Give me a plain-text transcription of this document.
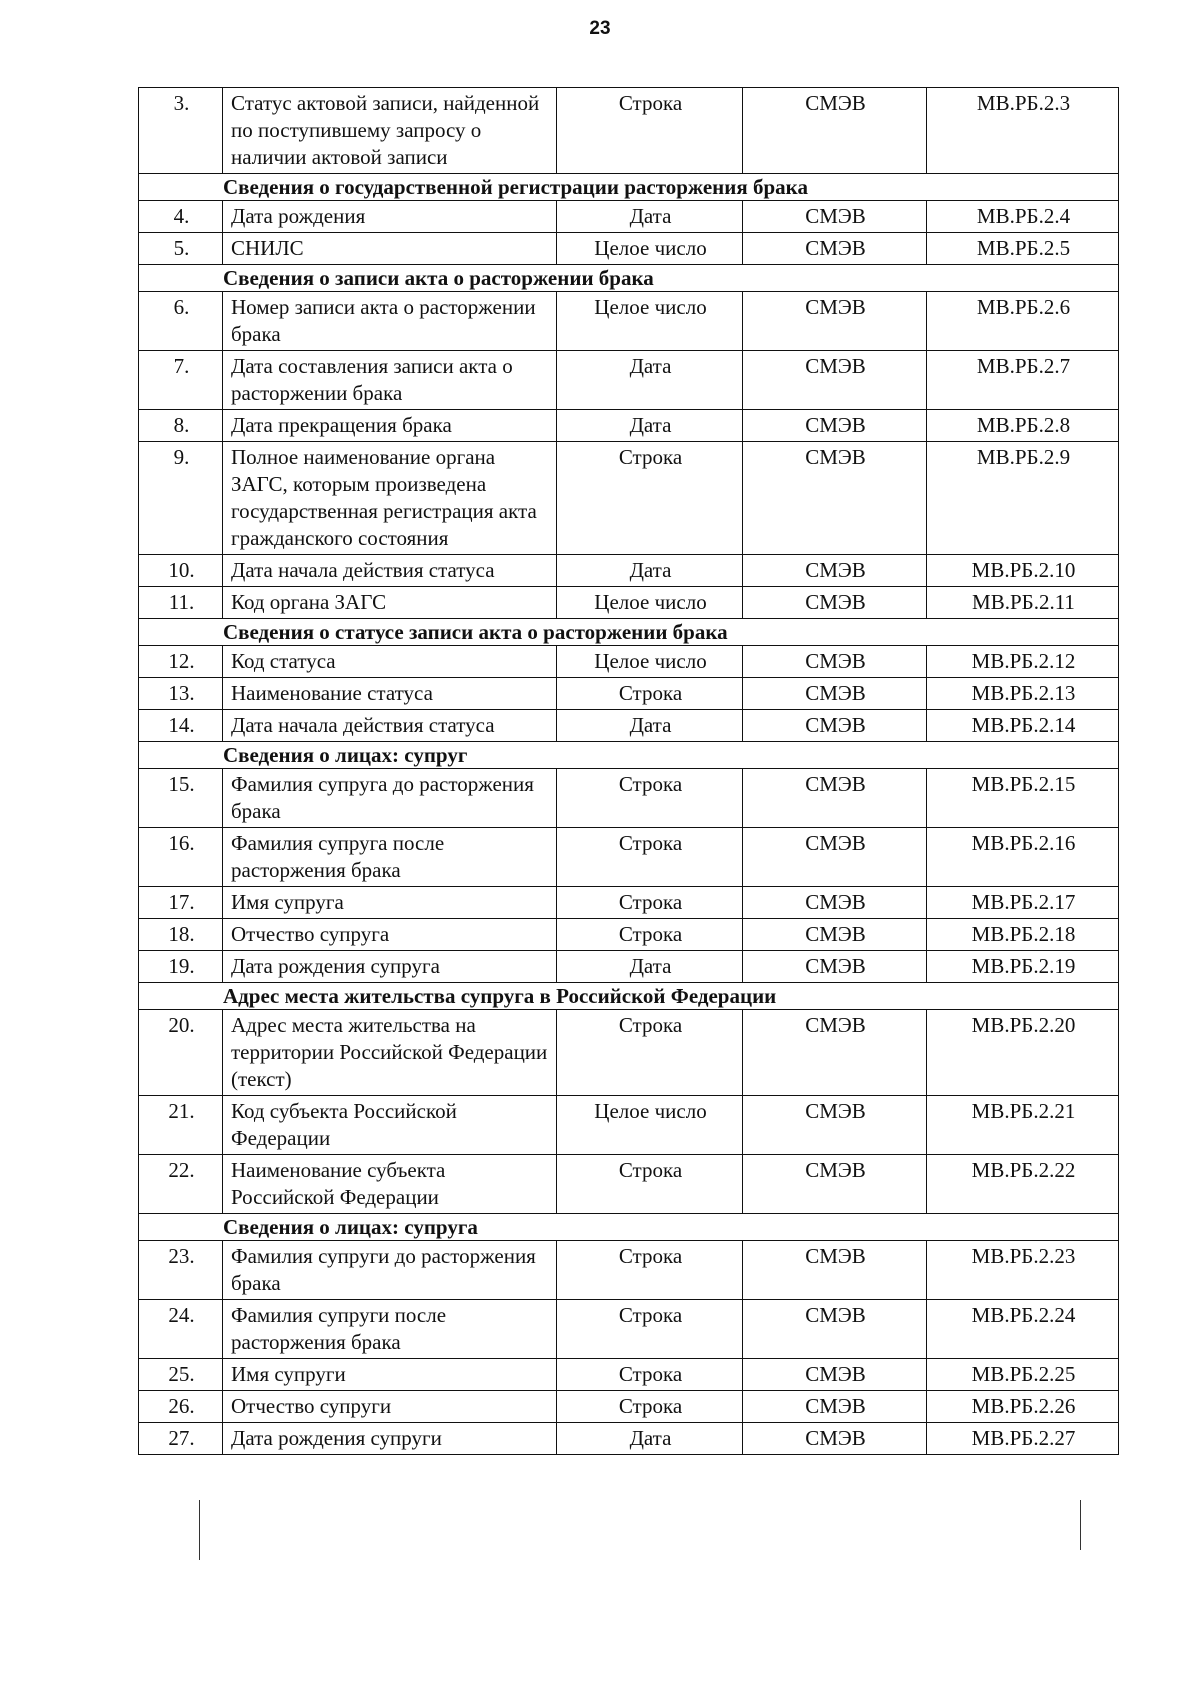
23
3.	Статус актовой записи, найденной по поступившему запросу о наличии актовой записи	Строка	СМЭВ	МВ.РБ.2.3
Сведения о государственной регистрации расторжения брака				
4.	Дата рождения	Дата	СМЭВ	МВ.РБ.2.4
5.	СНИЛС	Целое число	СМЭВ	МВ.РБ.2.5
Сведения о записи акта о расторжении брака				
6.	Номер записи акта о расторжении брака	Целое число	СМЭВ	МВ.РБ.2.6
7.	Дата составления записи акта о расторжении брака	Дата	СМЭВ	МВ.РБ.2.7
8.	Дата прекращения брака	Дата	СМЭВ	МВ.РБ.2.8
9.	Полное наименование органа ЗАГС, которым произведена государственная регистрация акта гражданского состояния	Строка	СМЭВ	МВ.РБ.2.9
10.	Дата начала действия статуса	Дата	СМЭВ	МВ.РБ.2.10
11.	Код органа ЗАГС	Целое число	СМЭВ	МВ.РБ.2.11
Сведения о статусе записи акта о расторжении брака				
12.	Код статуса	Целое число	СМЭВ	МВ.РБ.2.12
13.	Наименование статуса	Строка	СМЭВ	МВ.РБ.2.13
14.	Дата начала действия статуса	Дата	СМЭВ	МВ.РБ.2.14
Сведения о лицах: супруг				
15.	Фамилия супруга до расторжения брака	Строка	СМЭВ	МВ.РБ.2.15
16.	Фамилия супруга после расторжения брака	Строка	СМЭВ	МВ.РБ.2.16
17.	Имя супруга	Строка	СМЭВ	МВ.РБ.2.17
18.	Отчество супруга	Строка	СМЭВ	МВ.РБ.2.18
19.	Дата рождения супруга	Дата	СМЭВ	МВ.РБ.2.19
Адрес места жительства супруга в Российской Федерации				
20.	Адрес места жительства на территории Российской Федерации (текст)	Строка	СМЭВ	МВ.РБ.2.20
21.	Код субъекта Российской Федерации	Целое число	СМЭВ	МВ.РБ.2.21
22.	Наименование субъекта Российской Федерации	Строка	СМЭВ	МВ.РБ.2.22
Сведения о лицах: супруга				
23.	Фамилия супруги до расторжения брака	Строка	СМЭВ	МВ.РБ.2.23
24.	Фамилия супруги после расторжения брака	Строка	СМЭВ	МВ.РБ.2.24
25.	Имя супруги	Строка	СМЭВ	МВ.РБ.2.25
26.	Отчество супруги	Строка	СМЭВ	МВ.РБ.2.26
27.	Дата рождения супруги	Дата	СМЭВ	МВ.РБ.2.27
